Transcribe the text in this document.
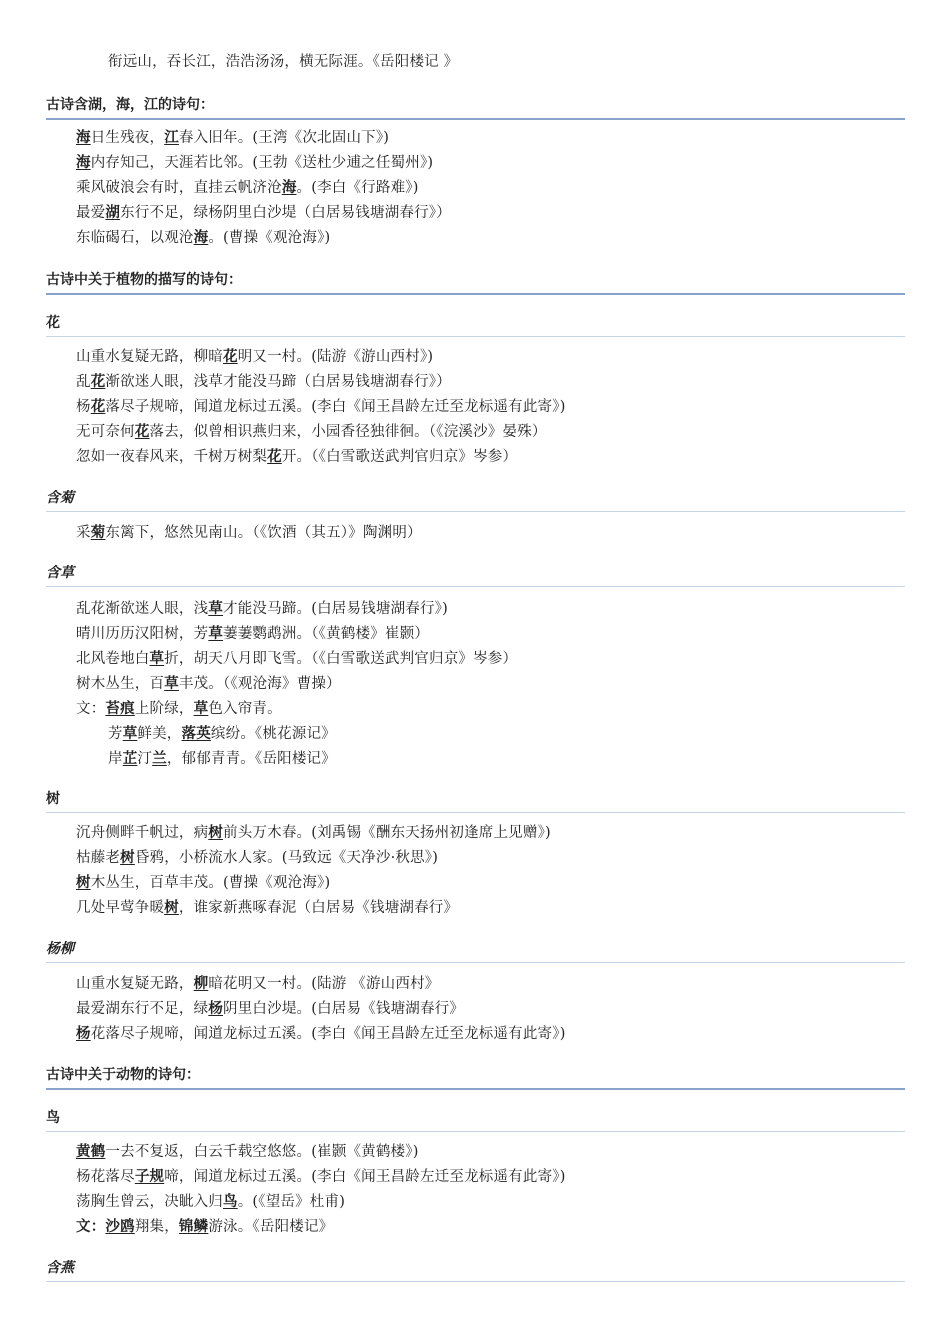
衔远山，吞长江，浩浩汤汤，横无际涯。《岳阳楼记 》
古诗含湖，海，江的诗句：
海日生残夜，江春入旧年。(王湾《次北固山下》)
海内存知己，天涯若比邻。(王勃《送杜少逋之任蜀州》)
乘风破浪会有时，直挂云帆济沧海。(李白《行路难》)
最爱湖东行不足，绿杨阴里白沙堤（白居易钱塘湖春行》）
东临碣石，以观沧海。(曹操《观沧海》)
古诗中关于植物的描写的诗句：
花
山重水复疑无路，柳暗花明又一村。(陆游《游山西村》)
乱花渐欲迷人眼，浅草才能没马蹄（白居易钱塘湖春行》）
杨花落尽子规啼，闻道龙标过五溪。(李白《闻王昌龄左迁至龙标遥有此寄》)
无可奈何花落去，似曾相识燕归来，小园香径独徘徊。（《浣溪沙》晏殊）
忽如一夜春风来，千树万树梨花开。（《白雪歌送武判官归京》岑参）
含菊
采菊东篱下，悠然见南山。（《饮酒（其五）》陶渊明）
含草
乱花渐欲迷人眼，浅草才能没马蹄。(白居易钱塘湖春行》)
晴川历历汉阳树，芳草萋萋鹦鹉洲。（《黄鹤楼》崔颢）
北风卷地白草折，胡天八月即飞雪。（《白雪歌送武判官归京》岑参）
树木丛生，百草丰茂。（《观沧海》曹操）
文：苔痕上阶绿，草色入帘青。
芳草鲜美，落英缤纷。《桃花源记》
岸芷汀兰，郁郁青青。《岳阳楼记》
树
沉舟侧畔千帆过，病树前头万木春。(刘禹锡《酬东天扬州初逢席上见赠》)
枯藤老树昏鸦，小桥流水人家。(马致远《天净沙·秋思》)
树木丛生，百草丰茂。(曹操《观沧海》)
几处早莺争暖树，谁家新燕啄春泥（白居易《钱塘湖春行》
杨柳
山重水复疑无路，柳暗花明又一村。(陆游 《游山西村》
最爱湖东行不足，绿杨阴里白沙堤。(白居易《钱塘湖春行》
杨花落尽子规啼，闻道龙标过五溪。(李白《闻王昌龄左迁至龙标遥有此寄》)
古诗中关于动物的诗句：
鸟
黄鹤一去不复返，白云千载空悠悠。(崔颢《黄鹤楼》)
杨花落尽子规啼，闻道龙标过五溪。(李白《闻王昌龄左迁至龙标遥有此寄》)
荡胸生曾云，决眦入归鸟。(《望岳》杜甫)
文：沙鸥翔集，锦鳞游泳。《岳阳楼记》
含燕
